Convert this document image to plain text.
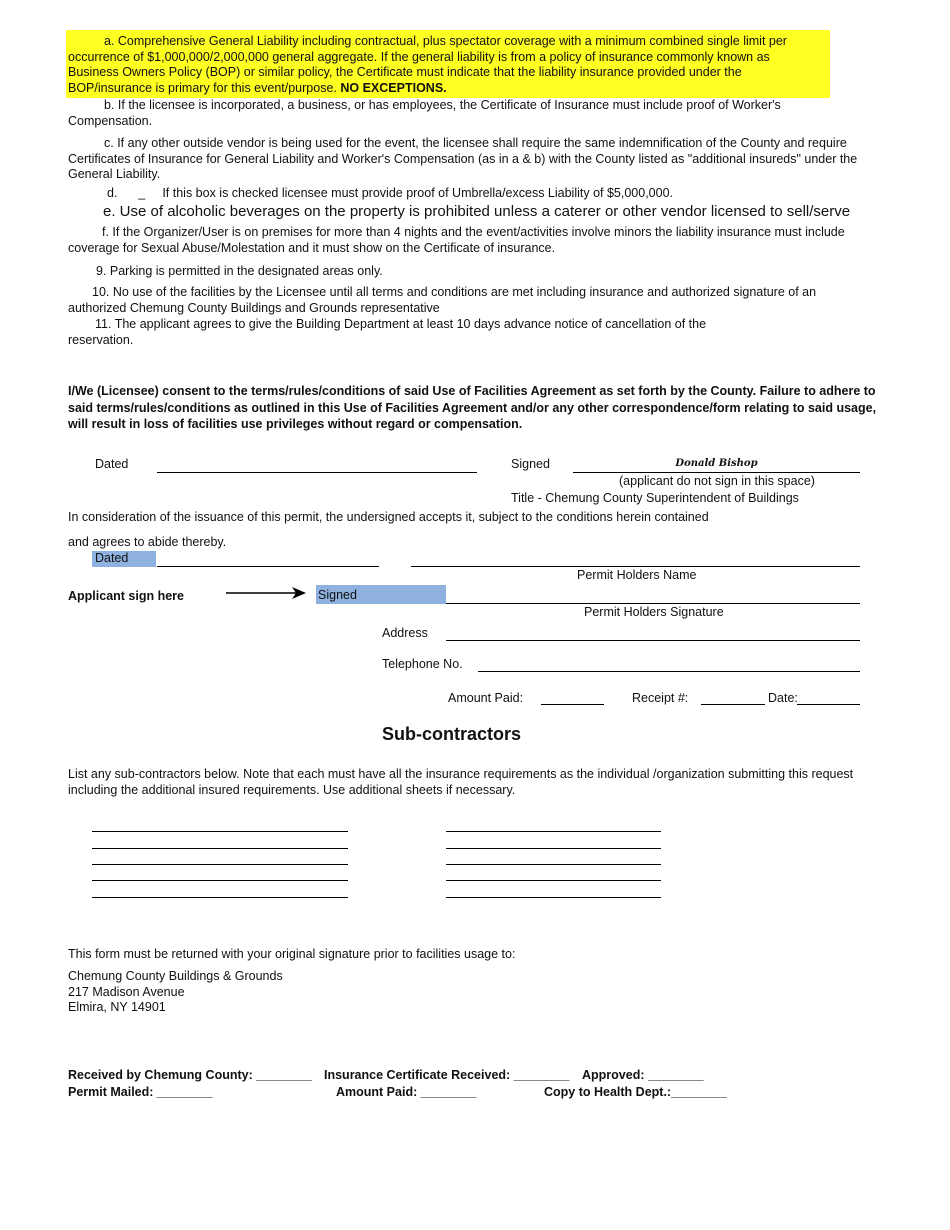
a. Comprehensive General Liability including contractual, plus spectator coverage with a minimum combined single limit per occurrence of $1,000,000/2,000,000 general aggregate. If the general liability is from a policy of insurance commonly known as Business Owners Policy (BOP) or similar policy, the Certificate must indicate that the liability insurance provided under the BOP/insurance is primary for this event/purpose. NO EXCEPTIONS.

b. If the licensee is incorporated, a business, or has employees, the Certificate of Insurance must include proof of Worker's Compensation.

c. If any other outside vendor is being used for the event, the licensee shall require the same indemnification of the County and require Certificates of Insurance for General Liability and Worker's Compensation (as in a & b) with the County listed as "additional insureds" under the General Liability.

d. _ If this box is checked licensee must provide proof of Umbrella/excess Liability of $5,000,000.
e. Use of alcoholic beverages on the property is prohibited unless a caterer or other vendor licensed to sell/serve

f. If the Organizer/User is on premises for more than 4 nights and the event/activities involve minors the liability insurance must include coverage for Sexual Abuse/Molestation and it must show on the Certificate of insurance.

9. Parking is permitted in the designated areas only.

10. No use of the facilities by the Licensee until all terms and conditions are met including insurance and authorized signature of an authorized Chemung County Buildings and Grounds representative

11. The applicant agrees to give the Building Department at least 10 days advance notice of cancellation of the reservation.

I/We (Licensee) consent to the terms/rules/conditions of said Use of Facilities Agreement as set forth by the County. Failure to adhere to said terms/rules/conditions as outlined in this Use of Facilities Agreement and/or any other correspondence/form relating to said usage, will result in loss of facilities use privileges without regard or compensation.

Dated	Signed	Donald Bishop
(applicant do not sign in this space)
Title - Chemung County Superintendent of Buildings
In consideration of the issuance of this permit, the undersigned accepts it, subject to the conditions herein contained
and agrees to abide thereby.
Dated
Permit Holders Name
Applicant sign here	Signed
Permit Holders Signature
Address
Telephone No.
Amount Paid:	Receipt #:	Date:
Sub-contractors

List any sub-contractors below. Note that each must have all the insurance requirements as the individual /organization submitting this request including the additional insured requirements. Use additional sheets if necessary.

This form must be returned with your original signature prior to facilities usage to:
Chemung County Buildings & Grounds
217 Madison Avenue
Elmira, NY 14901
Received by Chemung County: ________ Insurance Certificate Received: ________ Approved: ________
Permit Mailed: ________	Amount Paid: ________	Copy to Health Dept.:________
